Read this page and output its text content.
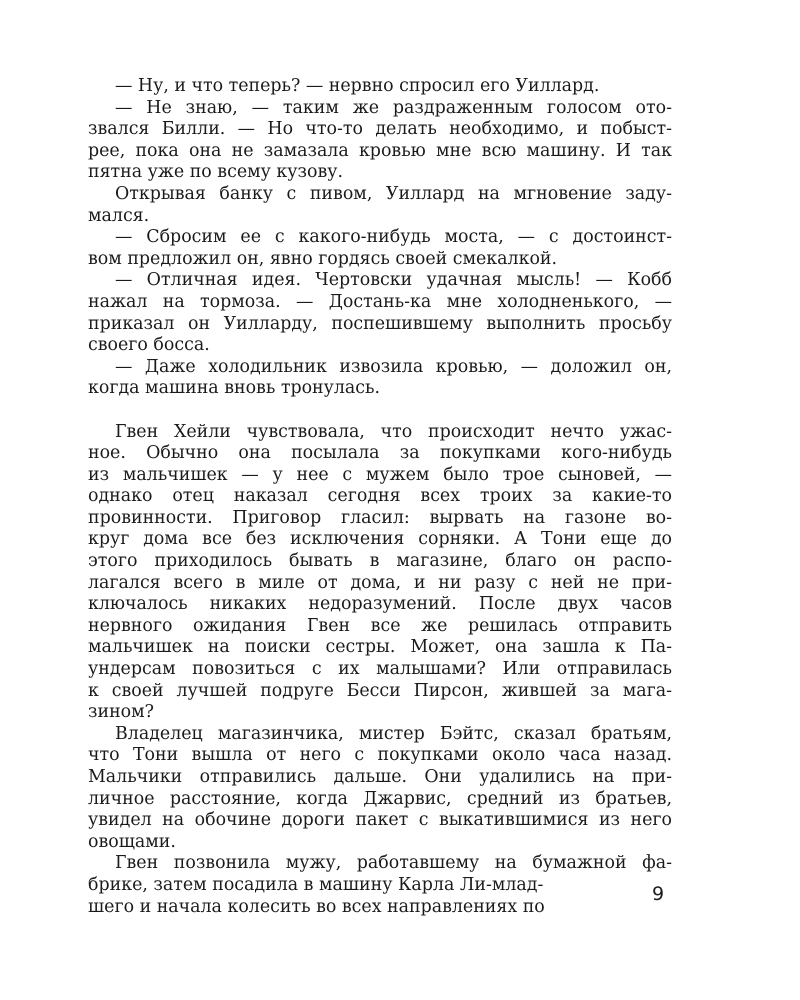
— Ну, и что теперь? — нервно спросил его Уиллард.
— Не знаю, — таким же раздраженным голосом ото-
звался Билли. — Но что-то делать необходимо, и побыст-
рее, пока она не замазала кровью мне всю машину. И так
пятна уже по всему кузову.
Открывая банку с пивом, Уиллард на мгновение заду-
мался.
— Сбросим ее с какого-нибудь моста, — с достоинст-
вом предложил он, явно гордясь своей смекалкой.
— Отличная идея. Чертовски удачная мысль! — Кобб
нажал на тормоза. — Достань-ка мне холодненького, —
приказал он Уилларду, поспешившему выполнить просьбу
своего босса.
— Даже холодильник извозила кровью, — доложил он,
когда машина вновь тронулась.
Гвен Хейли чувствовала, что происходит нечто ужас-
ное. Обычно она посылала за покупками кого-нибудь
из мальчишек — у нее с мужем было трое сыновей, —
однако отец наказал сегодня всех троих за какие-то
провинности. Приговор гласил: вырвать на газоне во-
круг дома все без исключения сорняки. А Тони еще до
этого приходилось бывать в магазине, благо он распо-
лагался всего в миле от дома, и ни разу с ней не при-
ключалось никаких недоразумений. После двух часов
нервного ожидания Гвен все же решилась отправить
мальчишек на поиски сестры. Может, она зашла к Па-
ундерсам повозиться с их малышами? Или отправилась
к своей лучшей подруге Бесси Пирсон, жившей за мага-
зином?
Владелец магазинчика, мистер Бэйтс, сказал братьям,
что Тони вышла от него с покупками около часа назад.
Мальчики отправились дальше. Они удалились на при-
личное расстояние, когда Джарвис, средний из братьев,
увидел на обочине дороги пакет с выкатившимися из него
овощами.
Гвен позвонила мужу, работавшему на бумажной фа-
брике, затем посадила в машину Карла Ли-млад-
шего и начала колесить во всех направлениях по
9
